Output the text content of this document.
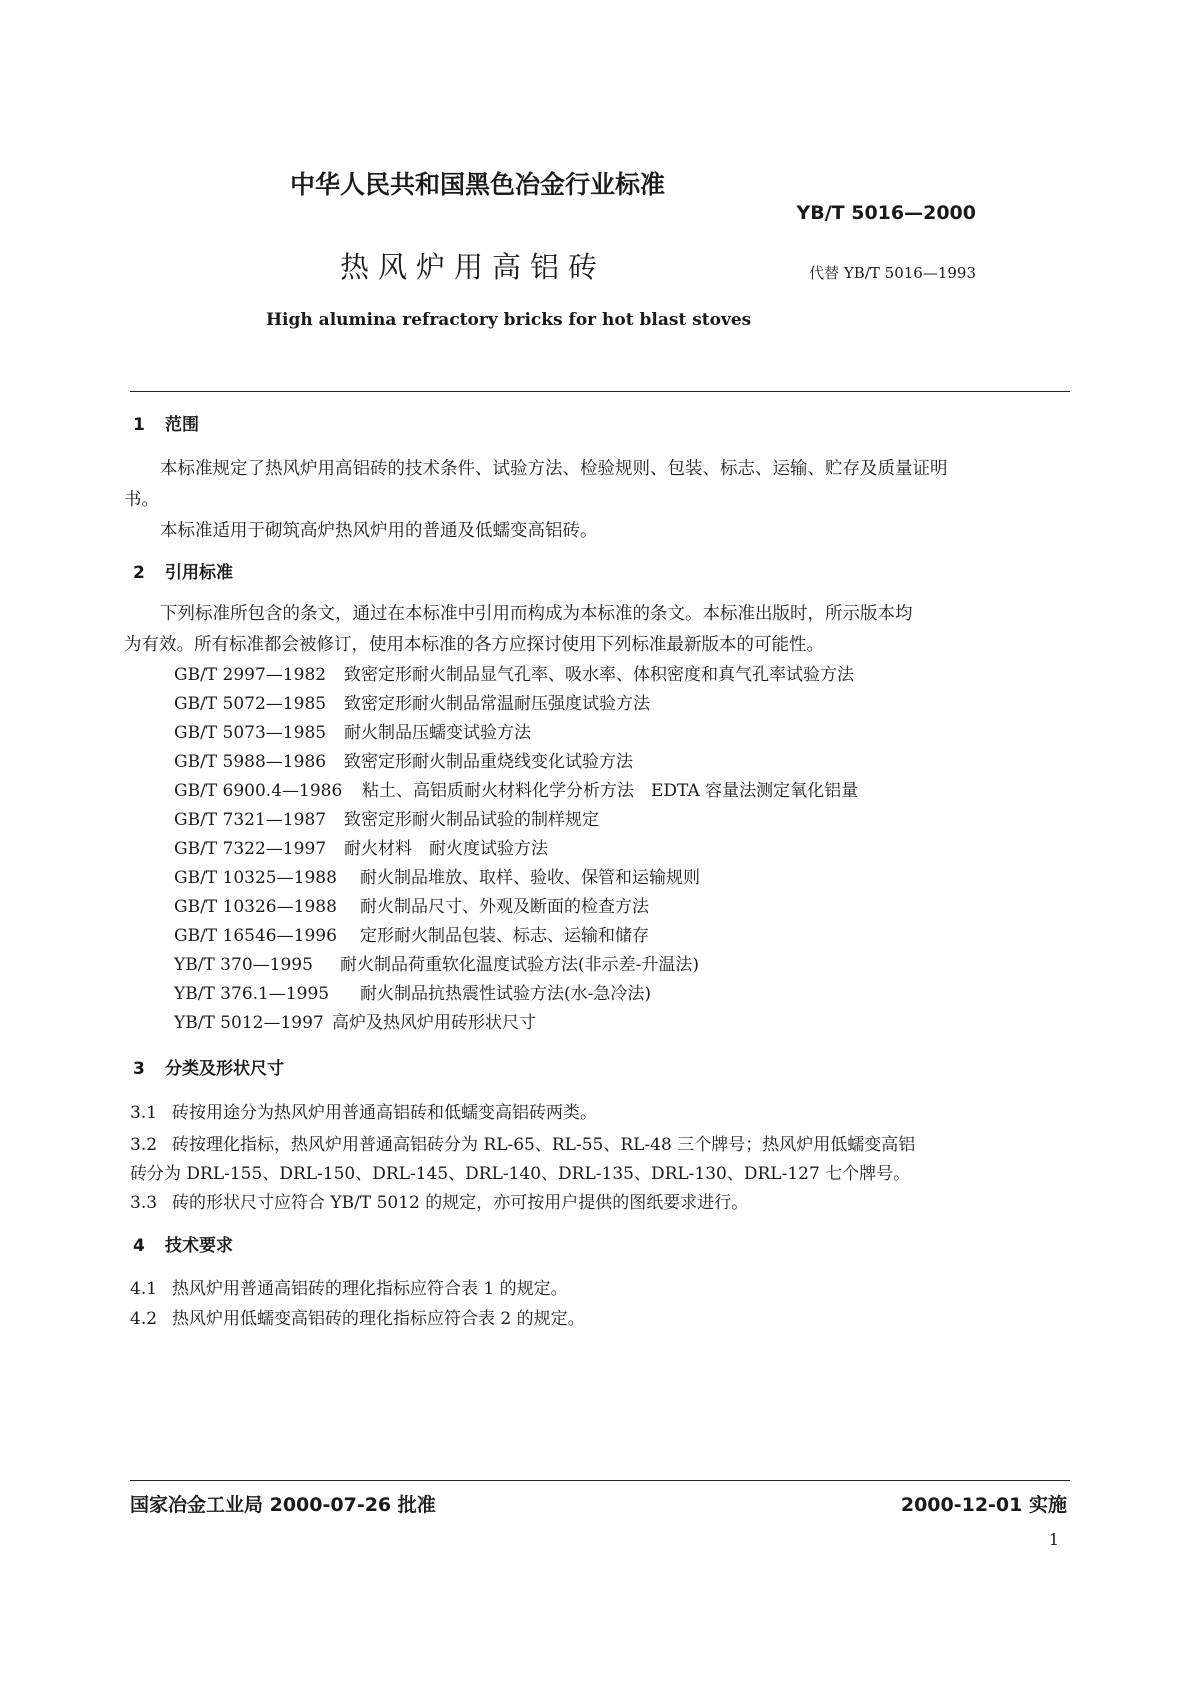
中华人民共和国黑色冶金行业标准
YB/T 5016—2000
热风炉用高铝砖	代替 YB/T 5016—1993
High alumina refractory bricks for hot blast stoves
1 范围
本标准规定了热风炉用高铝砖的技术条件、试验方法、检验规则、包装、标志、运输、贮存及质量证明
书。
本标准适用于砌筑高炉热风炉用的普通及低蠕变高铝砖。
2 引用标准
下列标准所包含的条文，通过在本标准中引用而构成为本标准的条文。本标准出版时，所示版本均
为有效。所有标准都会被修订，使用本标准的各方应探讨使用下列标准最新版本的可能性。
GB/T 2997—1982 致密定形耐火制品显气孔率、吸水率、体积密度和真气孔率试验方法
GB/T 5072—1985 致密定形耐火制品常温耐压强度试验方法
GB/T 5073—1985 耐火制品压蠕变试验方法
GB/T 5988—1986 致密定形耐火制品重烧线变化试验方法
GB/T 6900.4—1986 粘土、高铝质耐火材料化学分析方法　EDTA 容量法测定氧化铝量
GB/T 7321—1987 致密定形耐火制品试验的制样规定
GB/T 7322—1997 耐火材料　耐火度试验方法
GB/T 10325—1988 耐火制品堆放、取样、验收、保管和运输规则
GB/T 10326—1988 耐火制品尺寸、外观及断面的检查方法
GB/T 16546—1996 定形耐火制品包装、标志、运输和储存
YB/T 370—1995 耐火制品荷重软化温度试验方法(非示差-升温法)
YB/T 376.1—1995 耐火制品抗热震性试验方法(水-急冷法)
YB/T 5012—1997 高炉及热风炉用砖形状尺寸
3 分类及形状尺寸
3.1 砖按用途分为热风炉用普通高铝砖和低蠕变高铝砖两类。
3.2 砖按理化指标，热风炉用普通高铝砖分为 RL-65、RL-55、RL-48 三个牌号；热风炉用低蠕变高铝
砖分为 DRL-155、DRL-150、DRL-145、DRL-140、DRL-135、DRL-130、DRL-127 七个牌号。
3.3 砖的形状尺寸应符合 YB/T 5012 的规定，亦可按用户提供的图纸要求进行。
4 技术要求
4.1 热风炉用普通高铝砖的理化指标应符合表 1 的规定。
4.2 热风炉用低蠕变高铝砖的理化指标应符合表 2 的规定。
国家冶金工业局 2000-07-26 批准	2000-12-01 实施
1
